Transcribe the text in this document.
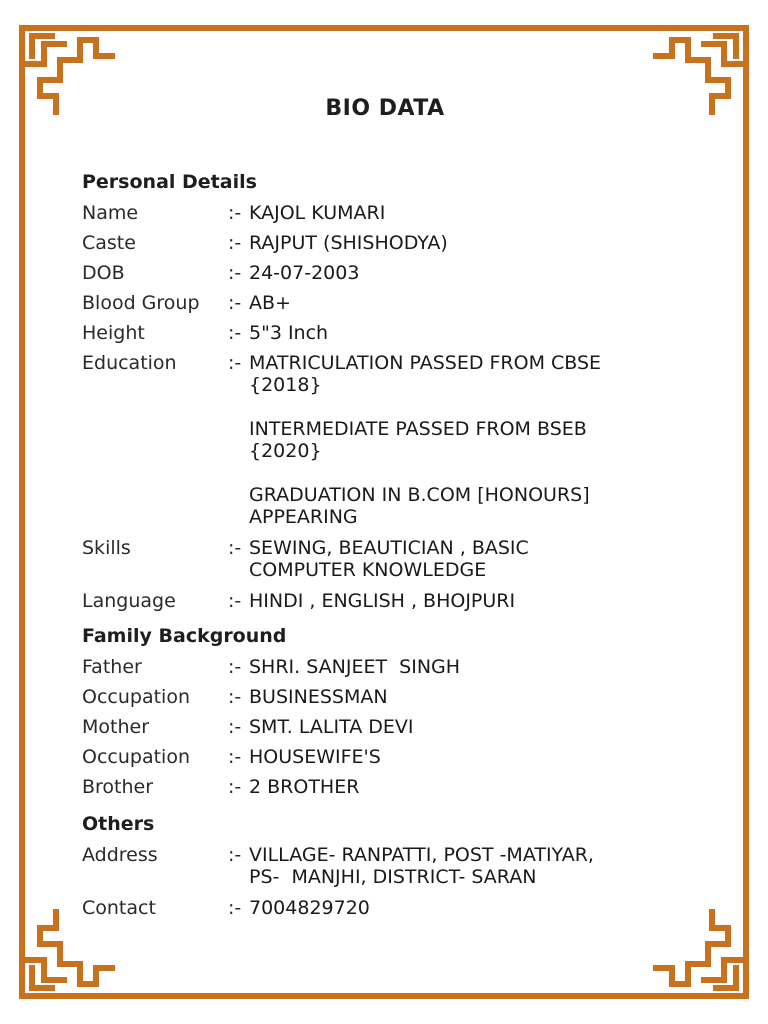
BIO DATA
Personal Details
Name	:- KAJOL KUMARI
Caste	:- RAJPUT (SHISHODYA)
DOB	:- 24-07-2003
Blood Group	:- AB+
Height	:- 5"3 Inch
Education	:- MATRICULATION PASSED FROM CBSE
{2018}
INTERMEDIATE PASSED FROM BSEB
{2020}
GRADUATION IN B.COM [HONOURS]
APPEARING
Skills	:- SEWING, BEAUTICIAN , BASIC
COMPUTER KNOWLEDGE
Language	:- HINDI , ENGLISH , BHOJPURI
Family Background
Father	:- SHRI. SANJEET  SINGH
Occupation	:- BUSINESSMAN
Mother	:- SMT. LALITA DEVI
Occupation	:- HOUSEWIFE'S
Brother	:- 2 BROTHER
Others
Address	:- VILLAGE- RANPATTI, POST -MATIYAR,
PS-  MANJHI, DISTRICT- SARAN
Contact	:- 7004829720
